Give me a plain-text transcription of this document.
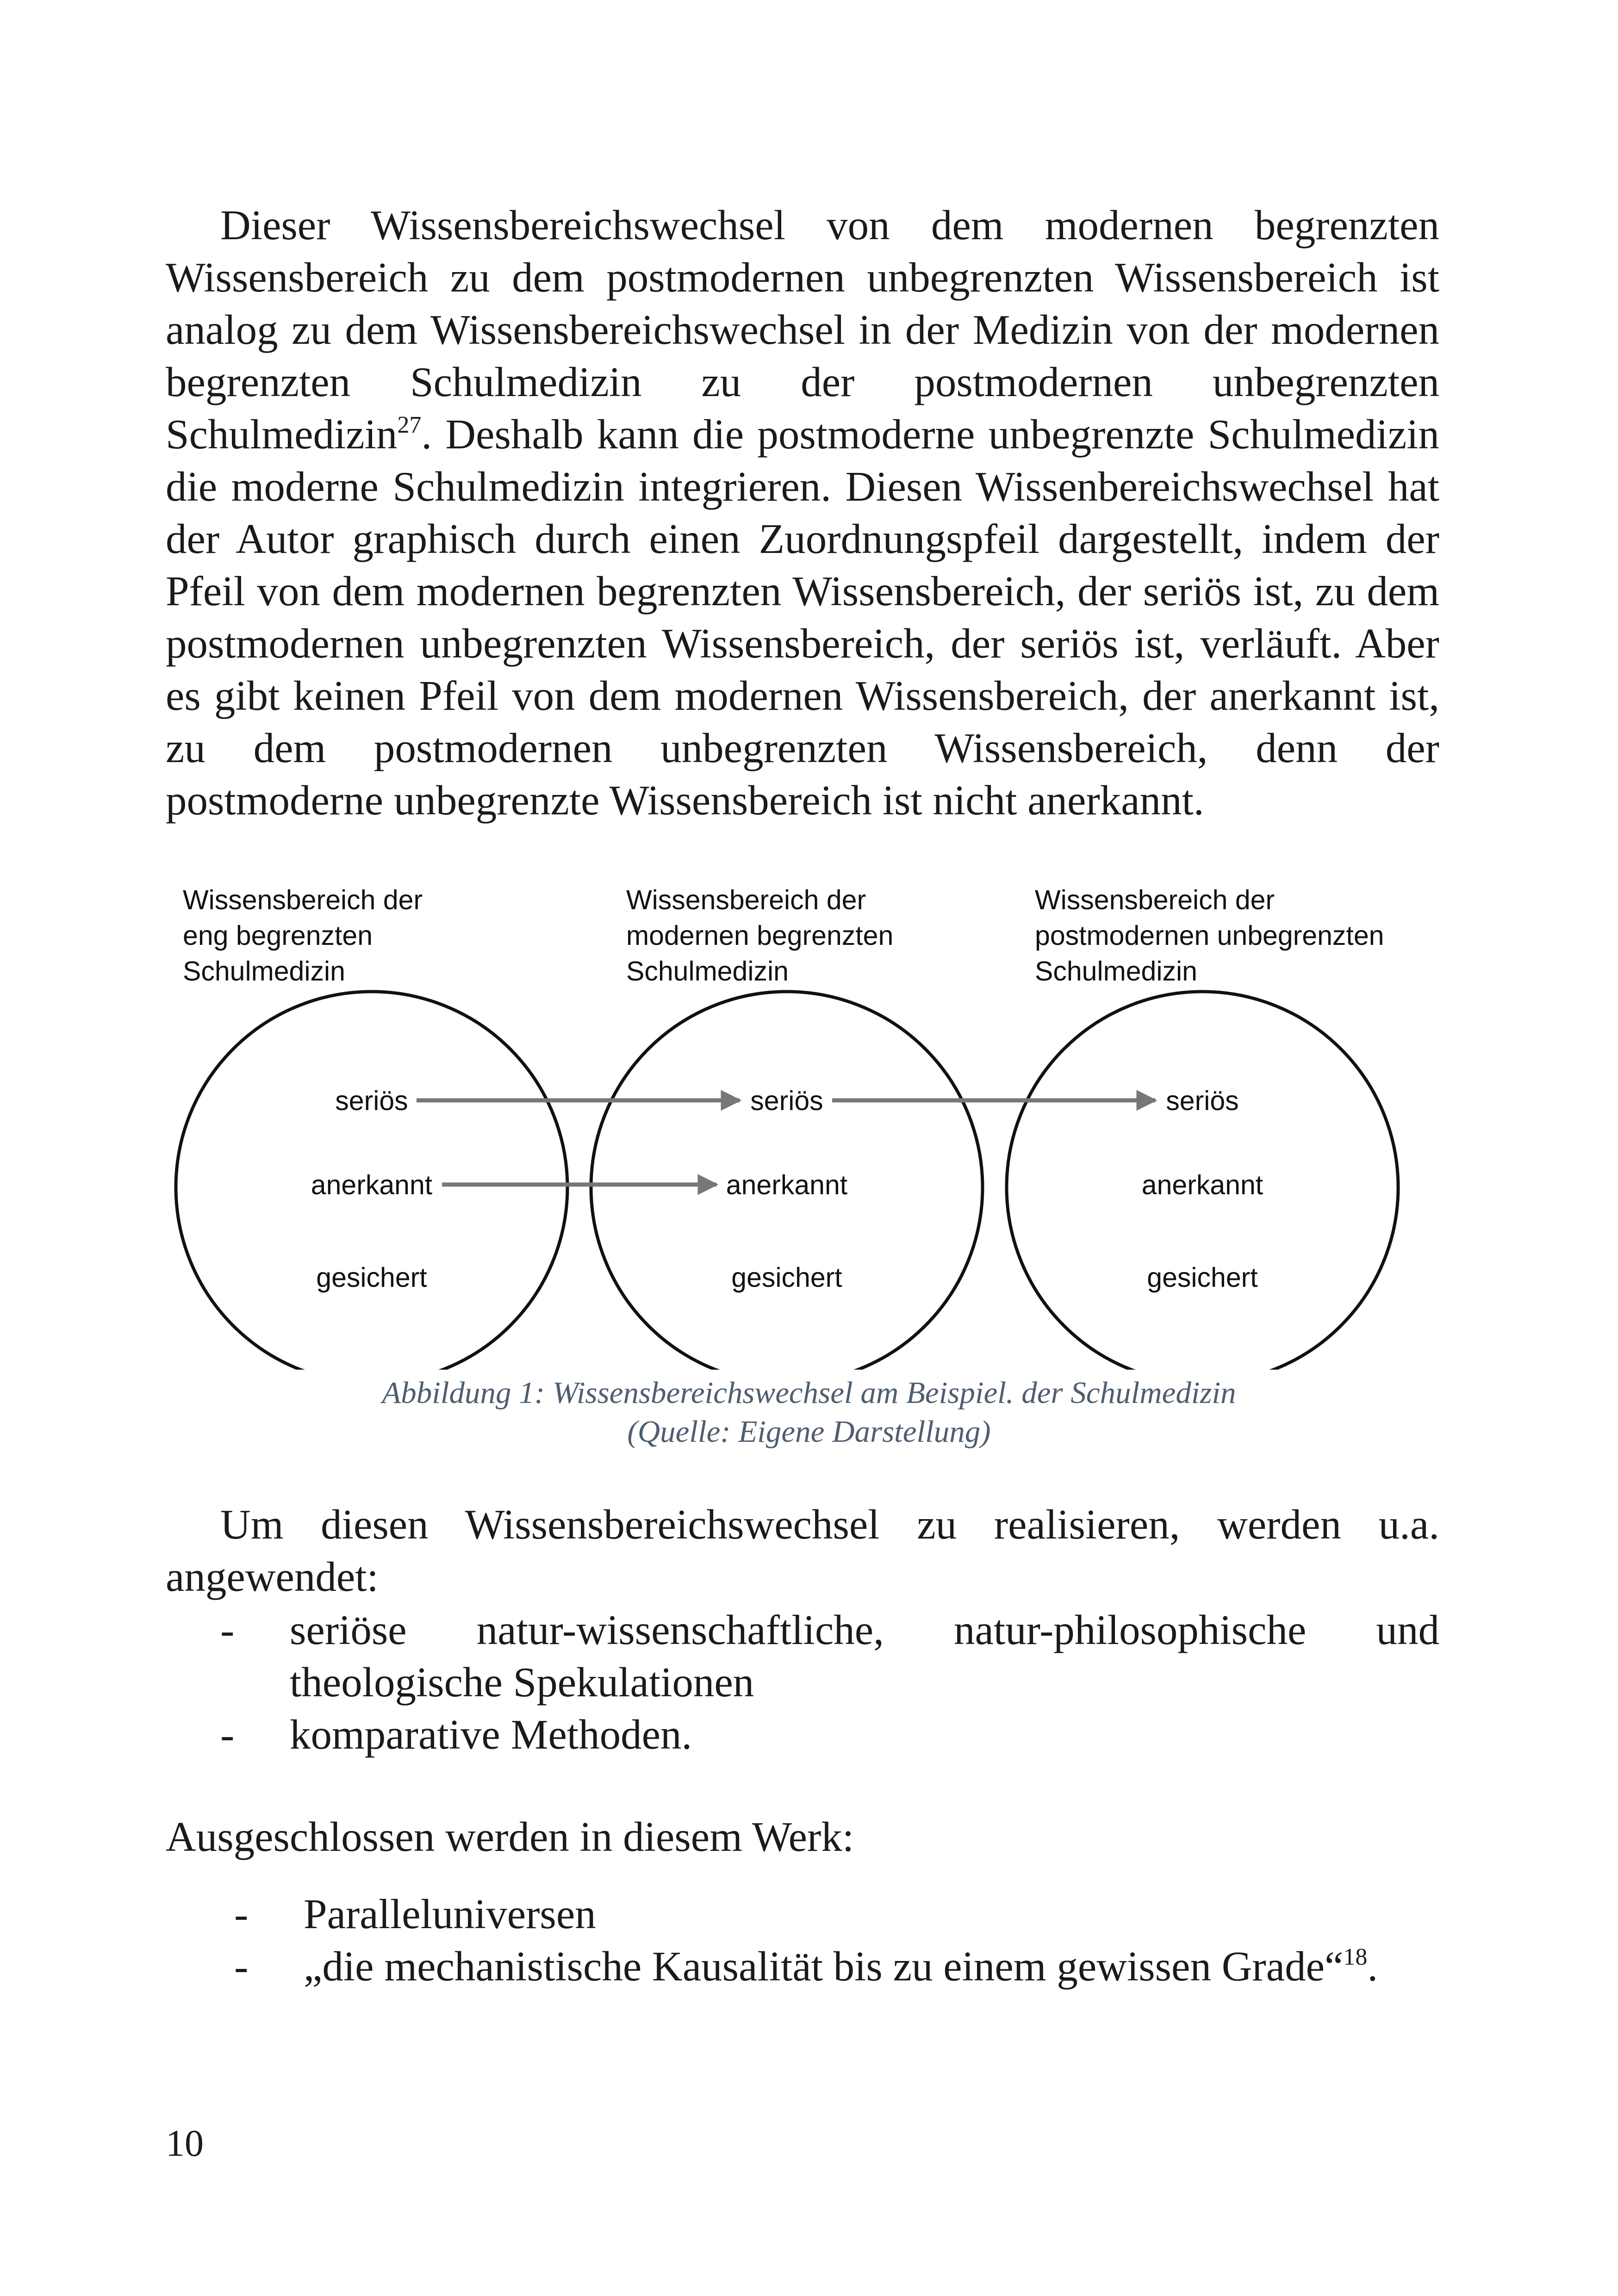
Dieser Wissensbereichswechsel von dem modernen begrenzten Wissensbereich zu dem postmodernen unbegrenzten Wissensbereich ist analog zu dem Wissensbereichswechsel in der Medizin von der modernen begrenzten Schulmedizin zu der postmodernen unbegrenzten Schulmedizin$^{27}$. Deshalb kann die postmoderne unbegrenzte Schulmedizin die moderne Schulmedizin integrieren. Diesen Wissenbereichswechsel hat der Autor graphisch durch einen Zuordnungspfeil dargestellt, indem der Pfeil von dem modernen begrenzten Wissensbereich, der seriös ist, zu dem postmodernen unbegrenzten Wissensbereich, der seriös ist, verläuft. Aber es gibt keinen Pfeil von dem modernen Wissensbereich, der anerkannt ist, zu dem postmodernen unbegrenzten Wissensbereich, denn der postmoderne unbegrenzte Wissensbereich ist nicht anerkannt.

Wissensbereich der
eng begrenzten
Schulmedizin
Wissensbereich der
modernen begrenzten
Schulmedizin
Wissensbereich der
postmodernen unbegrenzten
Schulmedizin
seriös
anerkannt
gesichert
seriös
anerkannt
gesichert
seriös
anerkannt
gesichert
Abbildung 1: Wissensbereichswechsel am Beispiel. der Schulmedizin
(Quelle: Eigene Darstellung)

Um diesen Wissensbereichswechsel zu realisieren, werden u.a. angewendet:

- seriöse natur-wissenschaftliche, natur-philosophische und theologische Spekulationen
- komparative Methoden.

Ausgeschlossen werden in diesem Werk:

- Paralleluniversen
- „die mechanistische Kausalität bis zu einem gewissen Grade“$^{18}$.
10
